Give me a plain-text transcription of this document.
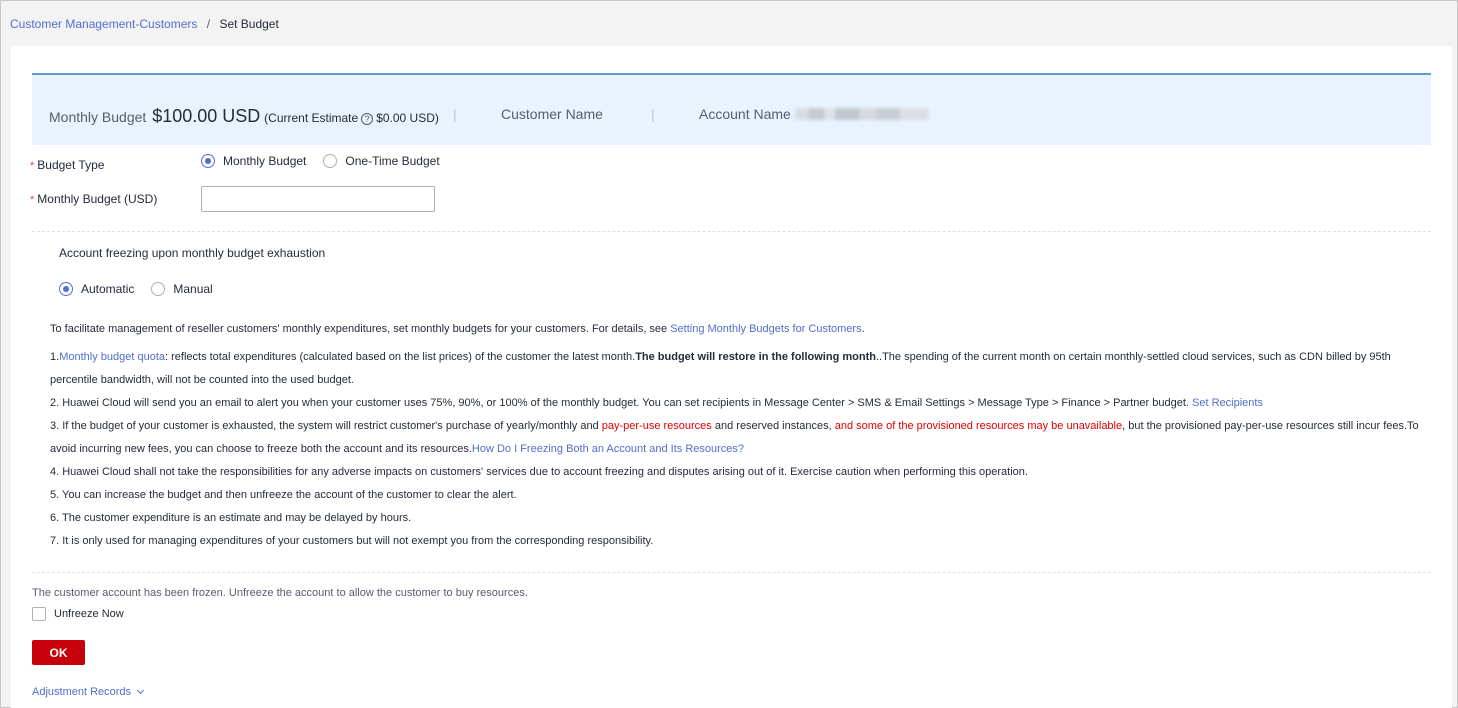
Customer Management-Customers / Set Budget
Monthly Budget $100.00 USD (Current Estimate ? $0.00 USD) |	Customer Name	|	Account Name
* Budget Type	Monthly Budget	One-Time Budget
* Monthly Budget (USD)
Account freezing upon monthly budget exhaustion
Automatic	Manual

To facilitate management of reseller customers' monthly expenditures, set monthly budgets for your customers. For details, see Setting Monthly Budgets for Customers.

1.Monthly budget quota: reflects total expenditures (calculated based on the list prices) of the customer the latest month.The budget will restore in the following month..The spending of the current month on certain monthly-settled cloud services, such as CDN billed by 95th percentile bandwidth, will not be counted into the used budget.

2. Huawei Cloud will send you an email to alert you when your customer uses 75%, 90%, or 100% of the monthly budget. You can set recipients in Message Center > SMS & Email Settings > Message Type > Finance > Partner budget. Set Recipients

3. If the budget of your customer is exhausted, the system will restrict customer's purchase of yearly/monthly and pay-per-use resources and reserved instances, and some of the provisioned resources may be unavailable, but the provisioned pay-per-use resources still incur fees.To avoid incurring new fees, you can choose to freeze both the account and its resources.How Do I Freezing Both an Account and Its Resources?

4. Huawei Cloud shall not take the responsibilities for any adverse impacts on customers' services due to account freezing and disputes arising out of it. Exercise caution when performing this operation.

5. You can increase the budget and then unfreeze the account of the customer to clear the alert.

6. The customer expenditure is an estimate and may be delayed by hours.

7. It is only used for managing expenditures of your customers but will not exempt you from the corresponding responsibility.

The customer account has been frozen. Unfreeze the account to allow the customer to buy resources.
Unfreeze Now
OK
Adjustment Records
